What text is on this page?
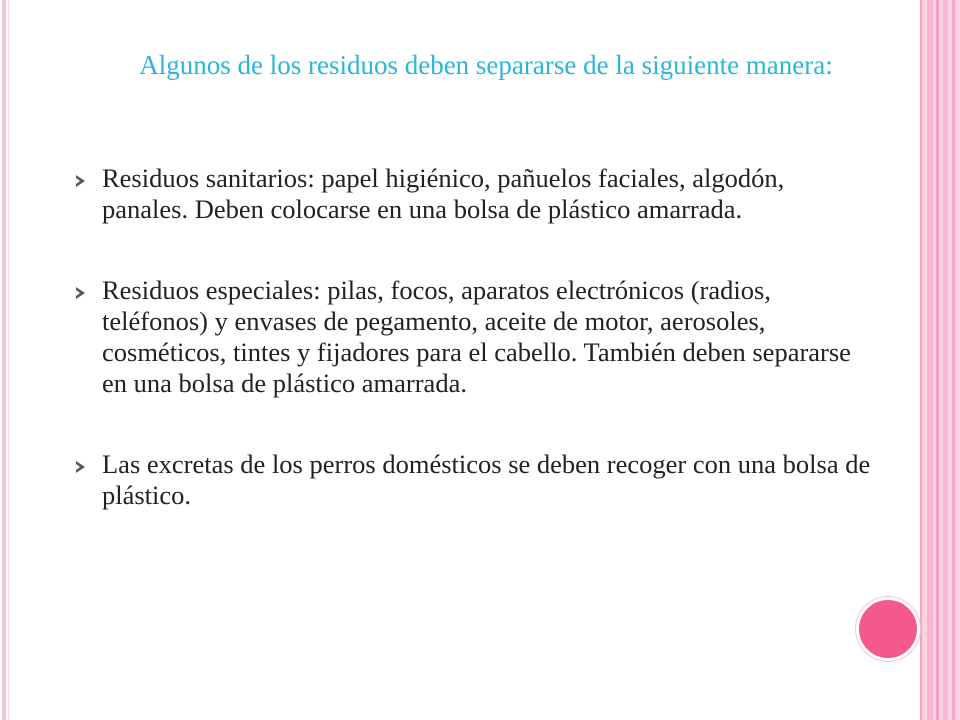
Algunos de los residuos deben separarse de la siguiente manera:
Residuos sanitarios: papel higiénico, pañuelos faciales, algodón, panales. Deben colocarse en una bolsa de plástico amarrada.
Residuos especiales: pilas, focos, aparatos electrónicos (radios, teléfonos) y envases de pegamento, aceite de motor, aerosoles, cosméticos, tintes y fijadores para el cabello. También deben separarse en una bolsa de plástico amarrada.
Las excretas de los perros domésticos se deben recoger con una bolsa de plástico.
